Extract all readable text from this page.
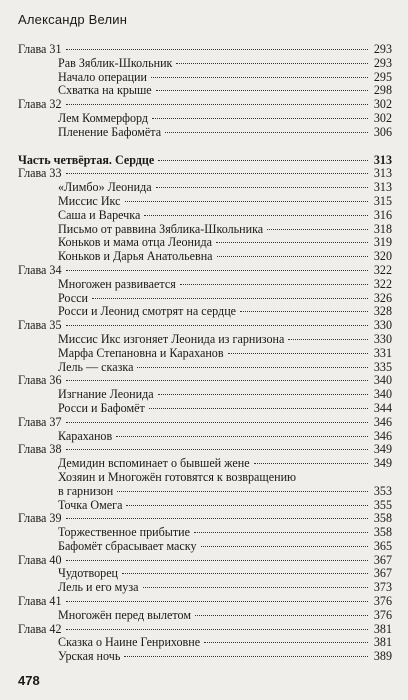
Александр Велин
Глава 31	293
Рав Зяблик-Школьник	293
Начало операции	295
Схватка на крыше	298
Глава 32	302
Лем Коммерфорд	302
Пленение Бафомёта	306
Часть четвёртая. Сердце	313
Глава 33	313
«Лимбо» Леонида	313
Миссис Икс	315
Саша и Варечка	316
Письмо от раввина Зяблика-Школьника	318
Коньков и мама отца Леонида	319
Коньков и Дарья Анатольевна	320
Глава 34	322
Многожен развивается	322
Росси	326
Росси и Леонид смотрят на сердце	328
Глава 35	330
Миссис Икс изгоняет Леонида из гарнизона	330
Марфа Степановна и Караханов	331
Лель — сказка	335
Глава 36	340
Изгнание Леонида	340
Росси и Бафомёт	344
Глава 37	346
Караханов	346
Глава 38	349
Демидин вспоминает о бывшей жене	349
Хозяин и Многожён готовятся к возвращению
в гарнизон	353
Точка Омега	355
Глава 39	358
Торжественное прибытие	358
Бафомёт сбрасывает маску	365
Глава 40	367
Чудотворец	367
Лель и его муза	373
Глава 41	376
Многожён перед вылетом	376
Глава 42	381
Сказка о Наине Генриховне	381
Урская ночь	389
478
